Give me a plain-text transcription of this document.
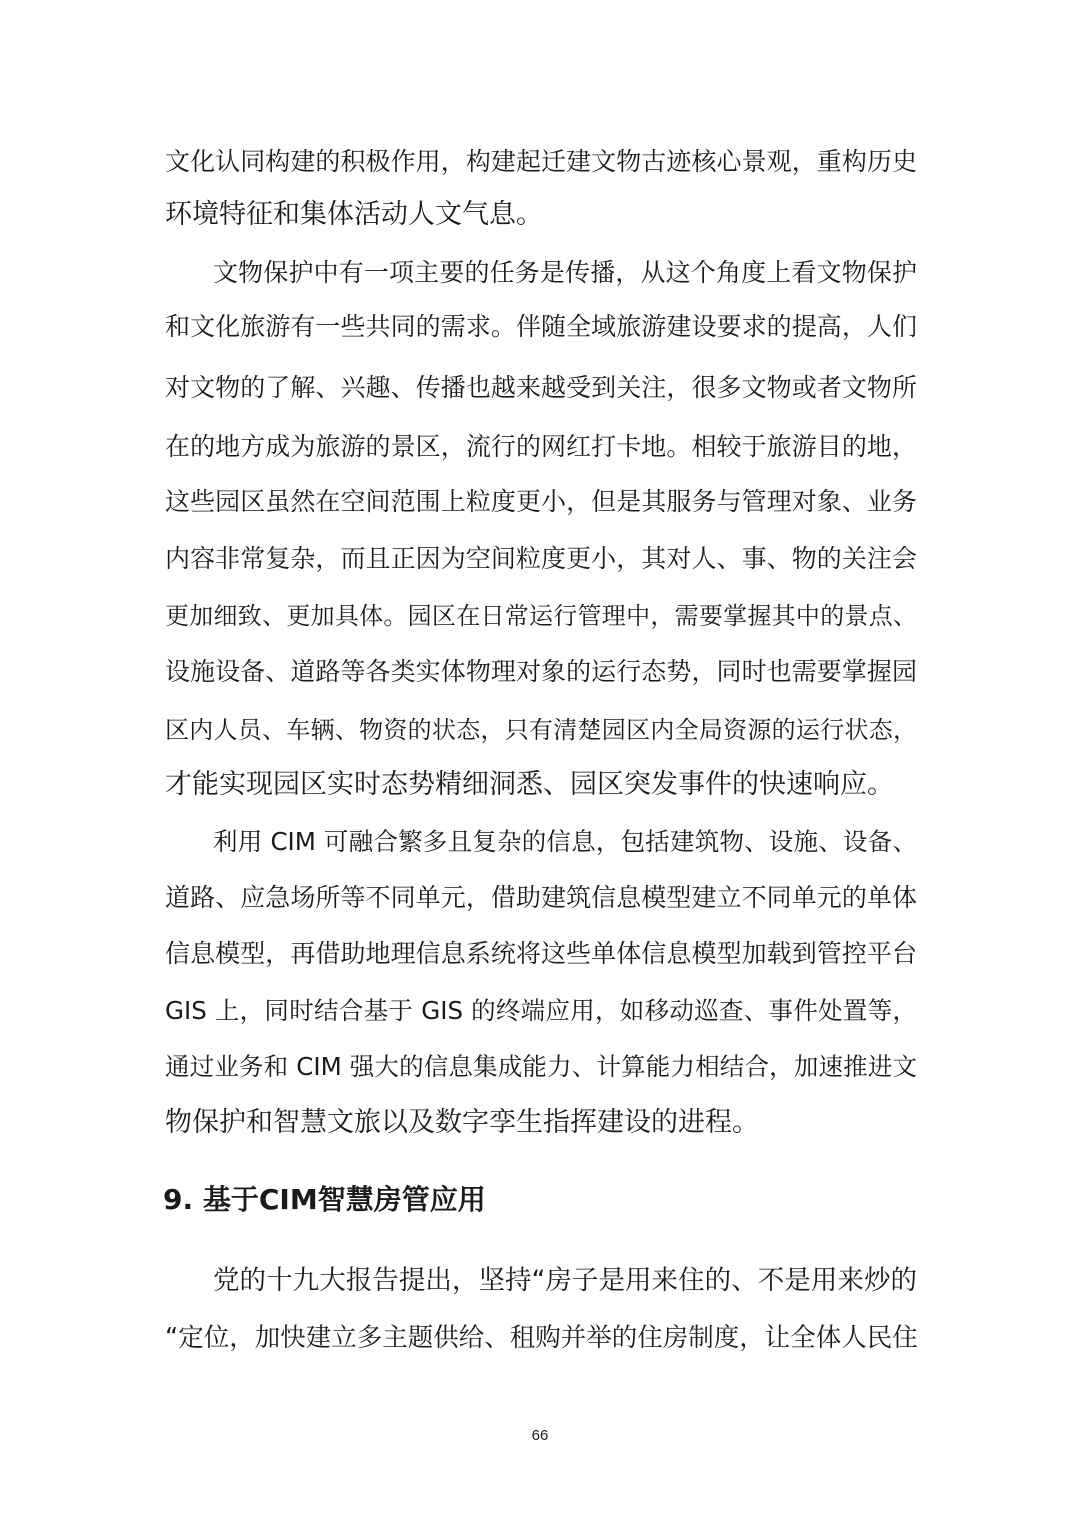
文化认同构建的积极作用，构建起迁建文物古迹核心景观，重构历史
环境特征和集体活动人文气息。
文物保护中有一项主要的任务是传播，从这个角度上看文物保护
和文化旅游有一些共同的需求。伴随全域旅游建设要求的提高，人们
对文物的了解、兴趣、传播也越来越受到关注，很多文物或者文物所
在的地方成为旅游的景区，流行的网红打卡地。相较于旅游目的地，
这些园区虽然在空间范围上粒度更小，但是其服务与管理对象、业务
内容非常复杂，而且正因为空间粒度更小，其对人、事、物的关注会
更加细致、更加具体。园区在日常运行管理中，需要掌握其中的景点、
设施设备、道路等各类实体物理对象的运行态势，同时也需要掌握园
区内人员、车辆、物资的状态，只有清楚园区内全局资源的运行状态，
才能实现园区实时态势精细洞悉、园区突发事件的快速响应。
利用 CIM 可融合繁多且复杂的信息，包括建筑物、设施、设备、
道路、应急场所等不同单元，借助建筑信息模型建立不同单元的单体
信息模型，再借助地理信息系统将这些单体信息模型加载到管控平台
GIS 上，同时结合基于 GIS 的终端应用，如移动巡查、事件处置等，
通过业务和 CIM 强大的信息集成能力、计算能力相结合，加速推进文
物保护和智慧文旅以及数字孪生指挥建设的进程。
9. 基于CIM智慧房管应用
党的十九大报告提出，坚持“房子是用来住的、不是用来炒的
“定位，加快建立多主题供给、租购并举的住房制度，让全体人民住
66
